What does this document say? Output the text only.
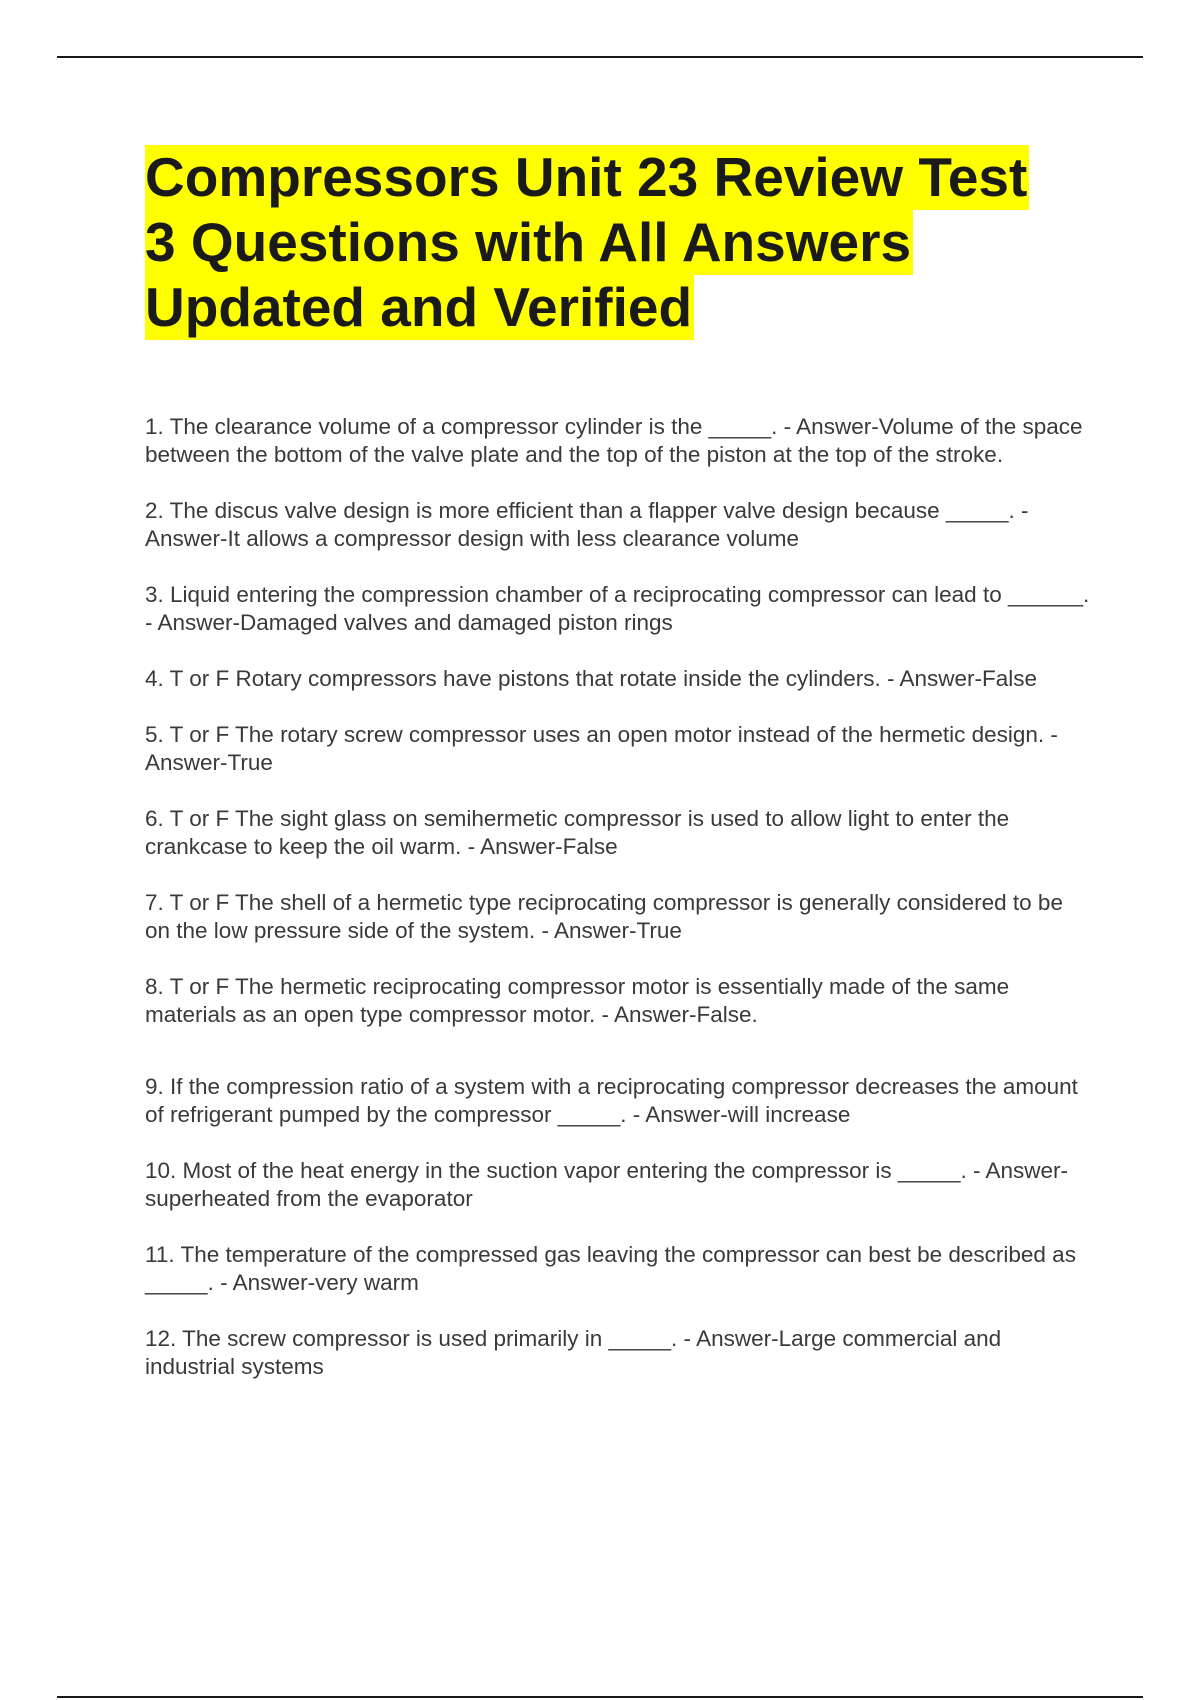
Compressors Unit 23 Review Test
3 Questions with All Answers
Updated and Verified

1. The clearance volume of a compressor cylinder is the _____. - Answer-Volume of the space between the bottom of the valve plate and the top of the piston at the top of the stroke.

2. The discus valve design is more efficient than a flapper valve design because _____. - Answer-It allows a compressor design with less clearance volume

3. Liquid entering the compression chamber of a reciprocating compressor can lead to ______. - Answer-Damaged valves and damaged piston rings

4. T or F Rotary compressors have pistons that rotate inside the cylinders. - Answer-False

5. T or F The rotary screw compressor uses an open motor instead of the hermetic design. - Answer-True

6. T or F The sight glass on semihermetic compressor is used to allow light to enter the crankcase to keep the oil warm. - Answer-False

7. T or F The shell of a hermetic type reciprocating compressor is generally considered to be on the low pressure side of the system. - Answer-True

8. T or F The hermetic reciprocating compressor motor is essentially made of the same materials as an open type compressor motor. - Answer-False.

9. If the compression ratio of a system with a reciprocating compressor decreases the amount of refrigerant pumped by the compressor _____. - Answer-will increase

10. Most of the heat energy in the suction vapor entering the compressor is _____. - Answer-superheated from the evaporator

11. The temperature of the compressed gas leaving the compressor can best be described as _____. - Answer-very warm

12. The screw compressor is used primarily in _____. - Answer-Large commercial and industrial systems
